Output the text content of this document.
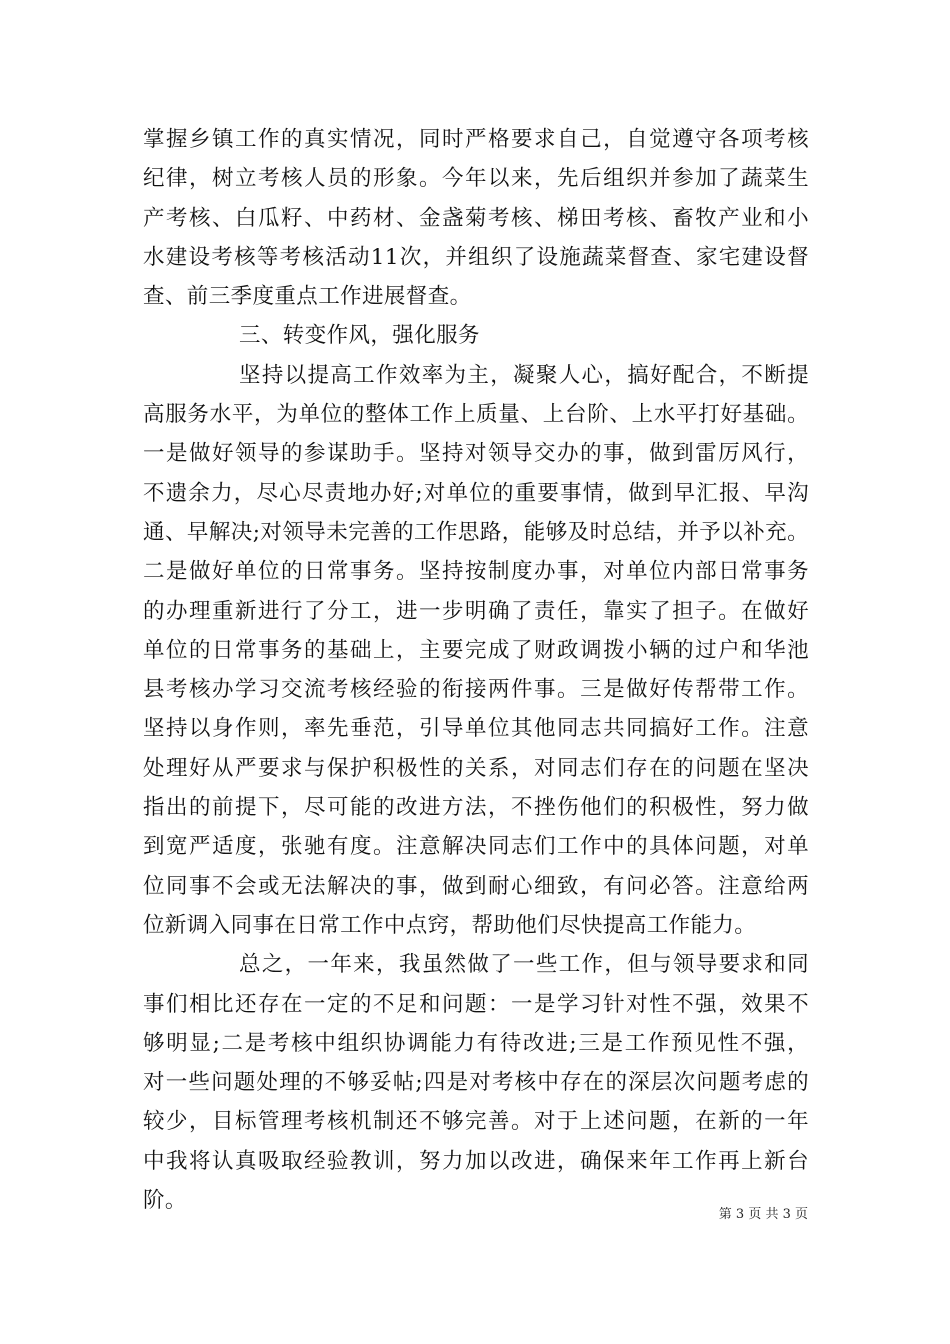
掌握乡镇工作的真实情况，同时严格要求自己，自觉遵守各项考核
纪律，树立考核人员的形象。今年以来，先后组织并参加了蔬菜生
产考核、白瓜籽、中药材、金盏菊考核、梯田考核、畜牧产业和小
水建设考核等考核活动11次，并组织了设施蔬菜督查、家宅建设督
查、前三季度重点工作进展督查。
三、转变作风，强化服务
坚持以提高工作效率为主，凝聚人心，搞好配合，不断提
高服务水平，为单位的整体工作上质量、上台阶、上水平打好基础。
一是做好领导的参谋助手。坚持对领导交办的事，做到雷厉风行，
不遗余力，尽心尽责地办好;对单位的重要事情，做到早汇报、早沟
通、早解决;对领导未完善的工作思路，能够及时总结，并予以补充。
二是做好单位的日常事务。坚持按制度办事，对单位内部日常事务
的办理重新进行了分工，进一步明确了责任，靠实了担子。在做好
单位的日常事务的基础上，主要完成了财政调拨小辆的过户和华池
县考核办学习交流考核经验的衔接两件事。三是做好传帮带工作。
坚持以身作则，率先垂范，引导单位其他同志共同搞好工作。注意
处理好从严要求与保护积极性的关系，对同志们存在的问题在坚决
指出的前提下，尽可能的改进方法，不挫伤他们的积极性，努力做
到宽严适度，张驰有度。注意解决同志们工作中的具体问题，对单
位同事不会或无法解决的事，做到耐心细致，有问必答。注意给两
位新调入同事在日常工作中点窍，帮助他们尽快提高工作能力。
总之，一年来，我虽然做了一些工作，但与领导要求和同
事们相比还存在一定的不足和问题：一是学习针对性不强，效果不
够明显;二是考核中组织协调能力有待改进;三是工作预见性不强，
对一些问题处理的不够妥帖;四是对考核中存在的深层次问题考虑的
较少，目标管理考核机制还不够完善。对于上述问题，在新的一年
中我将认真吸取经验教训，努力加以改进，确保来年工作再上新台
阶。
第 3 页 共 3 页
